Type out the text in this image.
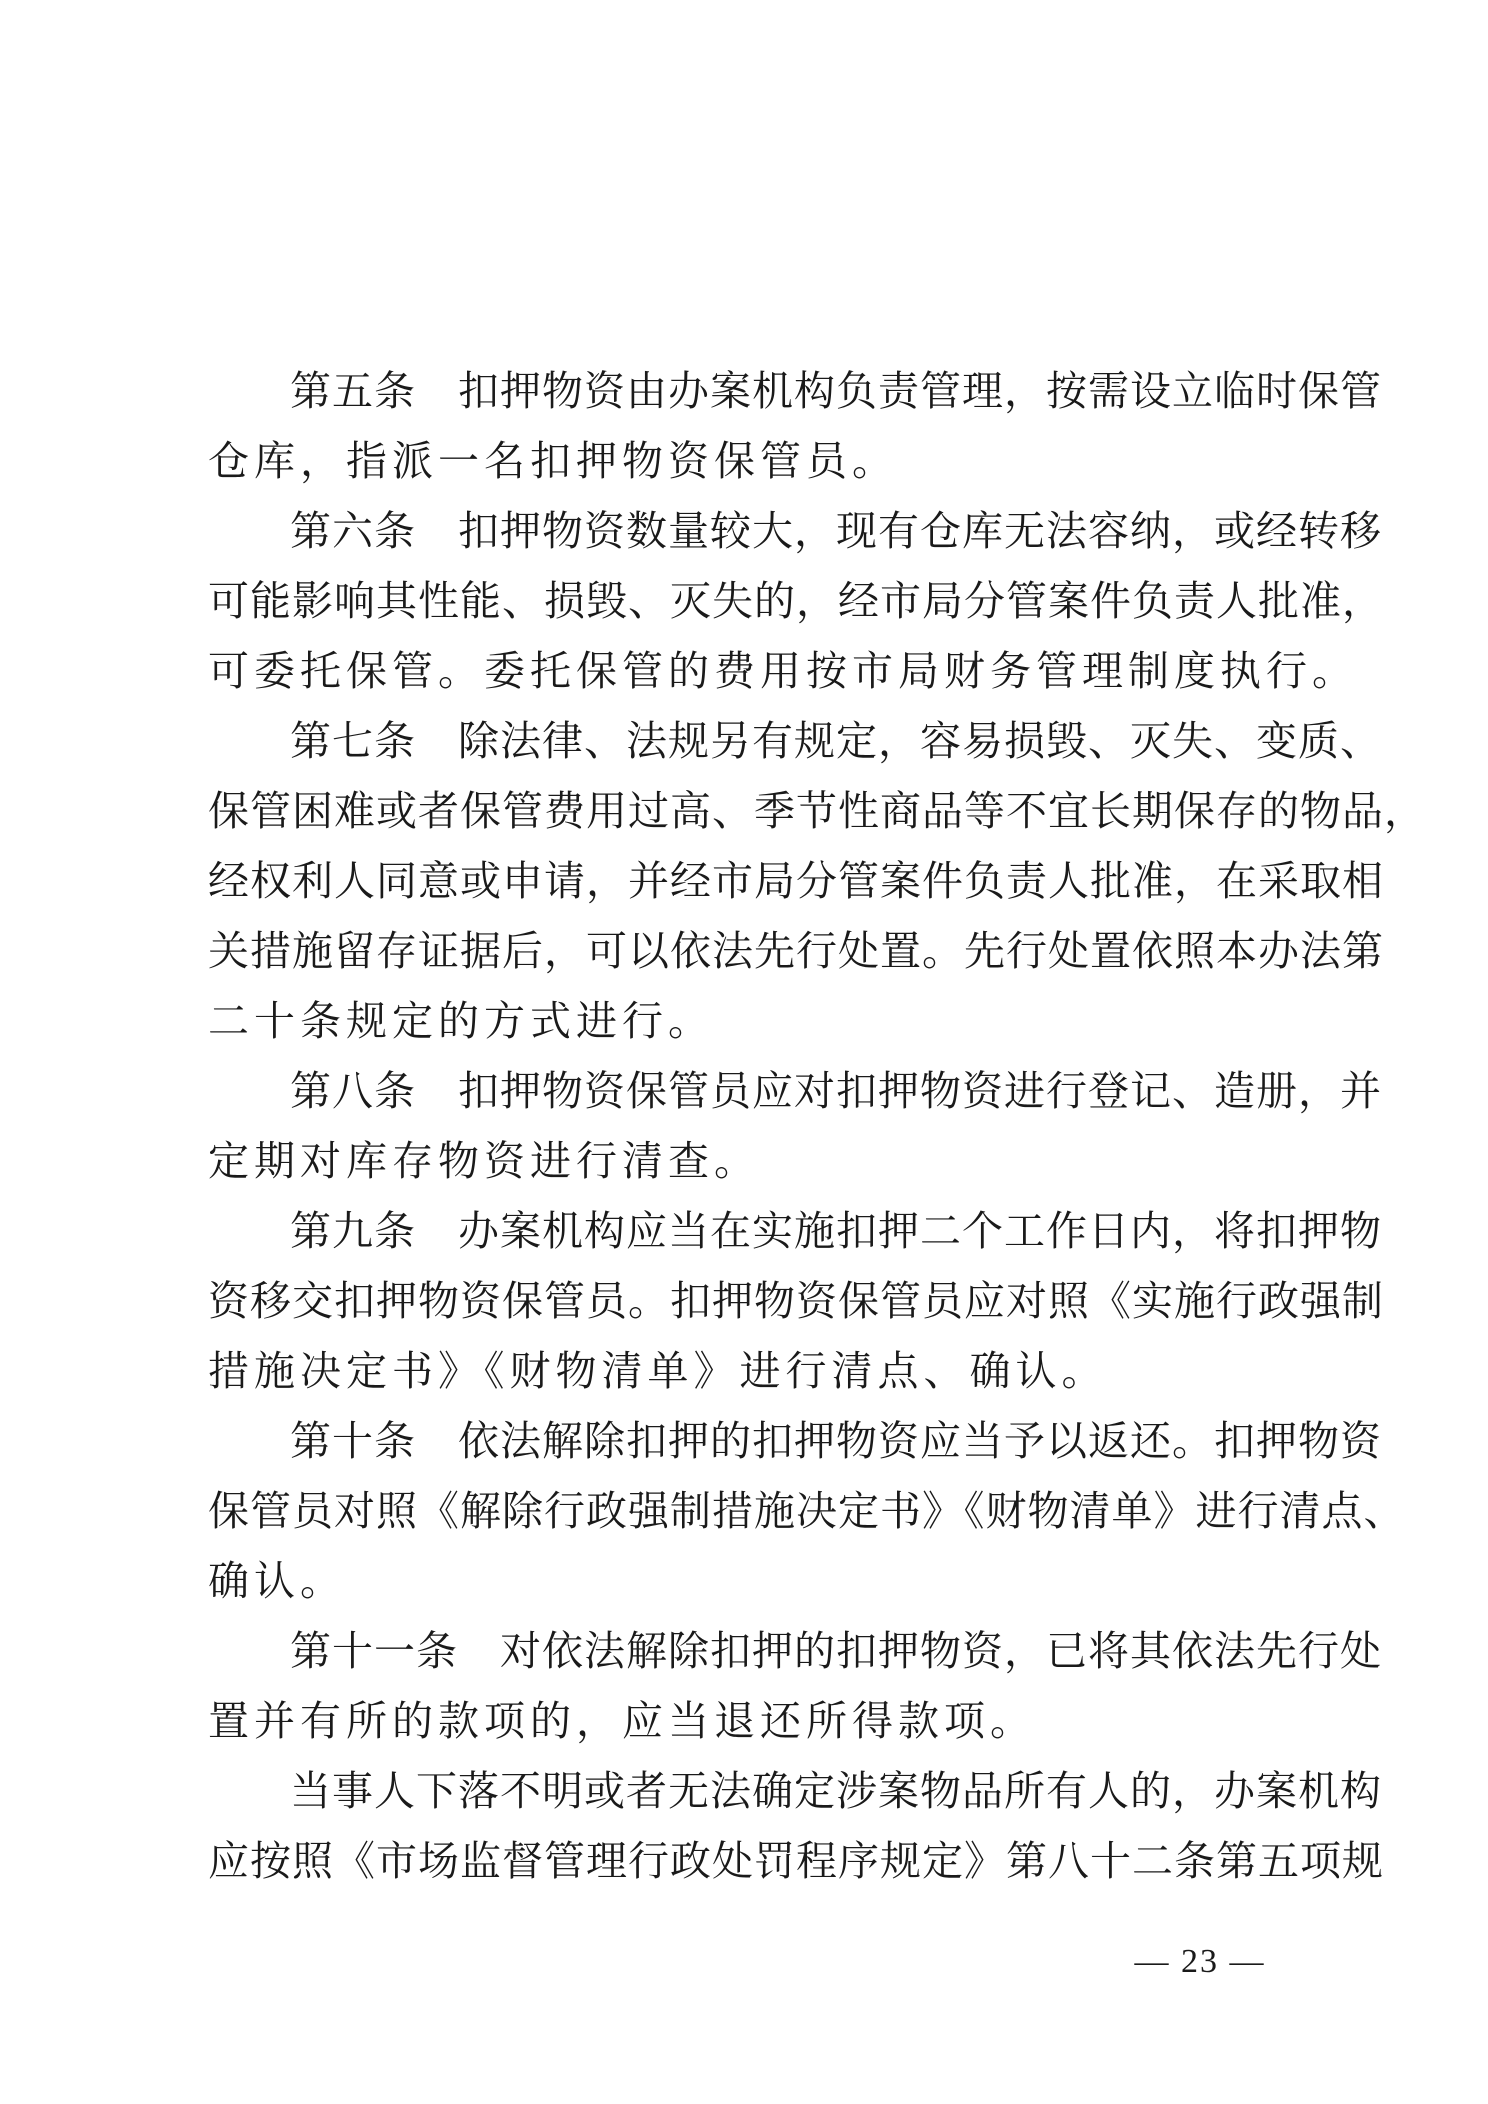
第五条　扣押物资由办案机构负责管理，按需设立临时保管
仓库，指派一名扣押物资保管员。
第六条　扣押物资数量较大，现有仓库无法容纳，或经转移
可能影响其性能、损毁、灭失的，经市局分管案件负责人批准，
可委托保管。委托保管的费用按市局财务管理制度执行。
第七条　除法律、法规另有规定，容易损毁、灭失、变质、
保管困难或者保管费用过高、季节性商品等不宜长期保存的物品，
经权利人同意或申请，并经市局分管案件负责人批准，在采取相
关措施留存证据后，可以依法先行处置。先行处置依照本办法第
二十条规定的方式进行。
第八条　扣押物资保管员应对扣押物资进行登记、造册，并
定期对库存物资进行清查。
第九条　办案机构应当在实施扣押二个工作日内，将扣押物
资移交扣押物资保管员。扣押物资保管员应对照《实施行政强制
措施决定书》《财物清单》进行清点、确认。
第十条　依法解除扣押的扣押物资应当予以返还。扣押物资
保管员对照《解除行政强制措施决定书》《财物清单》进行清点、
确认。
第十一条　对依法解除扣押的扣押物资，已将其依法先行处
置并有所的款项的，应当退还所得款项。
当事人下落不明或者无法确定涉案物品所有人的，办案机构
应按照《市场监督管理行政处罚程序规定》第八十二条第五项规
— 23 —
